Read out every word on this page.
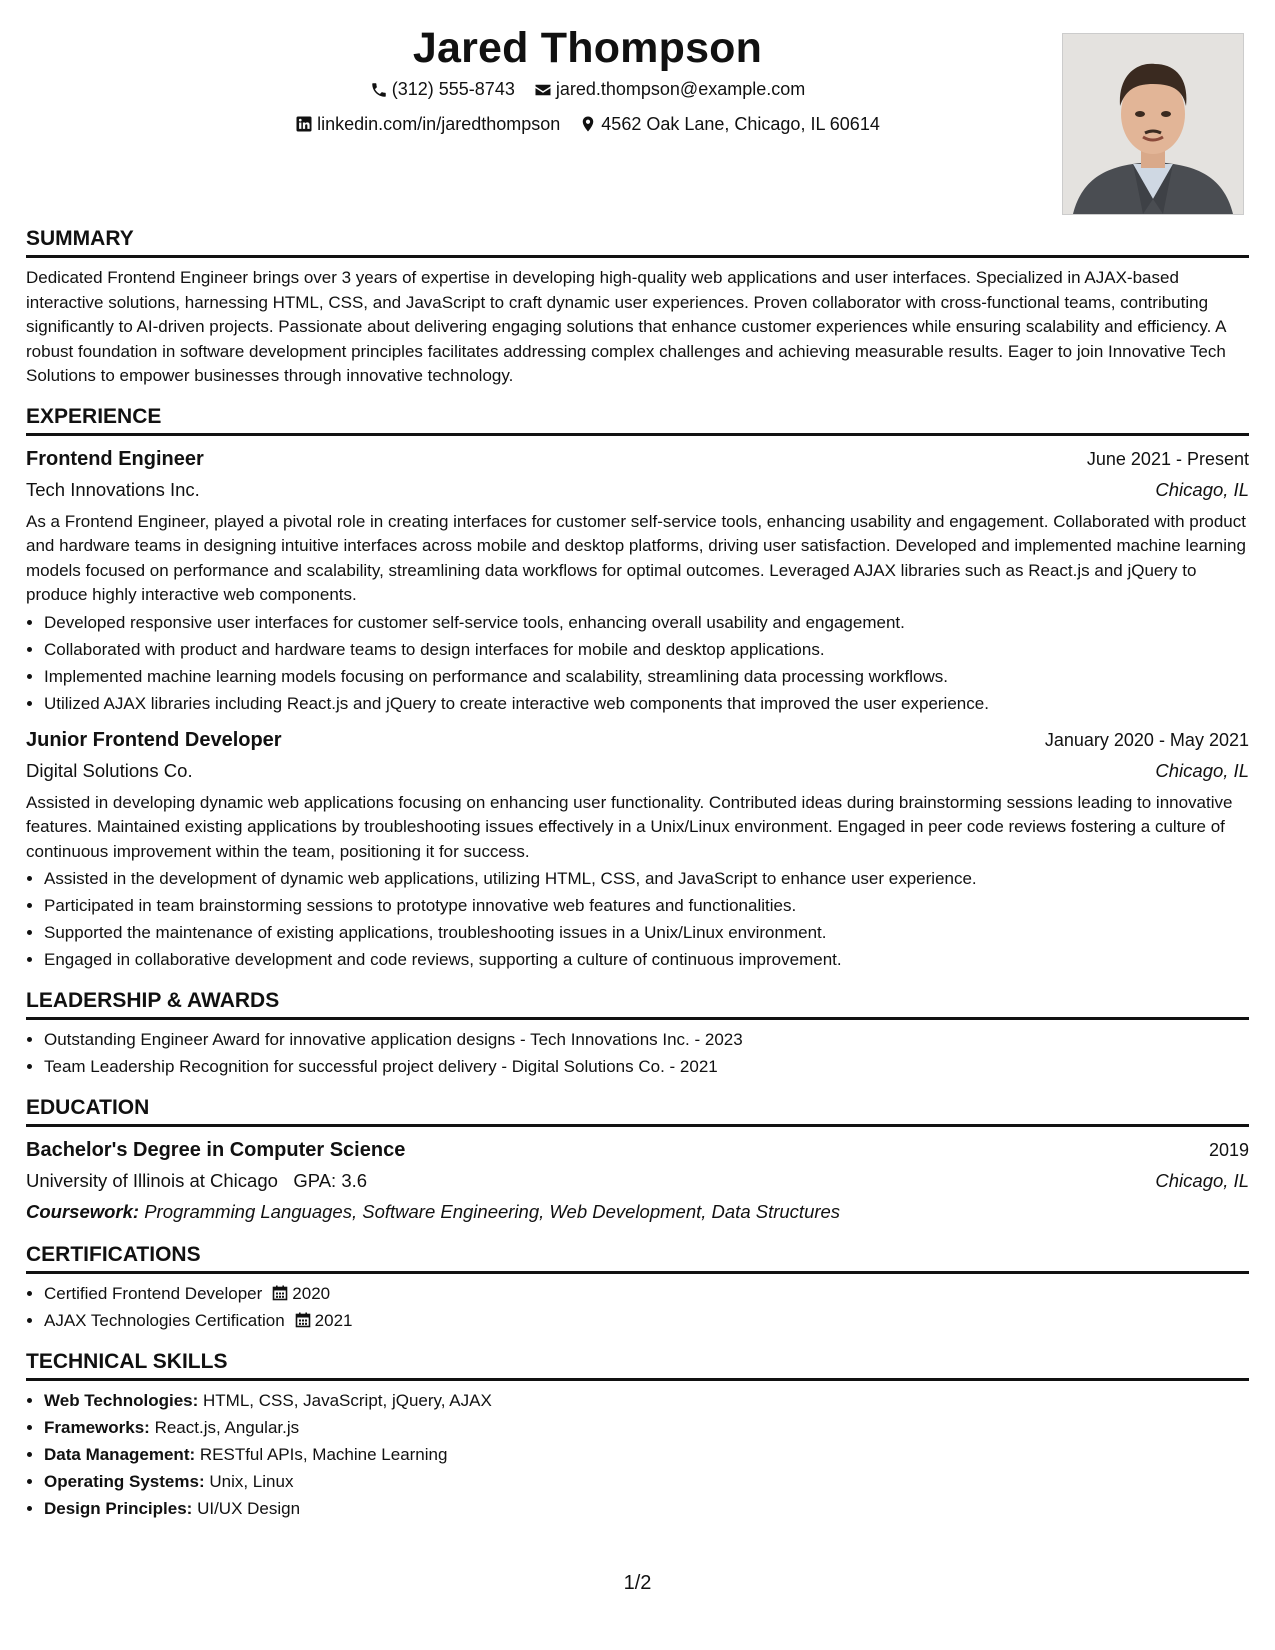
Jared Thompson
(312) 555-8743
jared.thompson@example.com
linkedin.com/in/jaredthompson
4562 Oak Lane, Chicago, IL 60614
SUMMARY

Dedicated Frontend Engineer brings over 3 years of expertise in developing high-quality web applications and user interfaces. Specialized in AJAX-based interactive solutions, harnessing HTML, CSS, and JavaScript to craft dynamic user experiences. Proven collaborator with cross-functional teams, contributing significantly to AI-driven projects. Passionate about delivering engaging solutions that enhance customer experiences while ensuring scalability and efficiency. A robust foundation in software development principles facilitates addressing complex challenges and achieving measurable results. Eager to join Innovative Tech Solutions to empower businesses through innovative technology.

EXPERIENCE
Frontend Engineer	June 2021 - Present
Tech Innovations Inc.	Chicago, IL

As a Frontend Engineer, played a pivotal role in creating interfaces for customer self-service tools, enhancing usability and engagement. Collaborated with product and hardware teams in designing intuitive interfaces across mobile and desktop platforms, driving user satisfaction. Developed and implemented machine learning models focused on performance and scalability, streamlining data workflows for optimal outcomes. Leveraged AJAX libraries such as React.js and jQuery to produce highly interactive web components.

• Developed responsive user interfaces for customer self-service tools, enhancing overall usability and engagement.
• Collaborated with product and hardware teams to design interfaces for mobile and desktop applications.
• Implemented machine learning models focusing on performance and scalability, streamlining data processing workflows.
• Utilized AJAX libraries including React.js and jQuery to create interactive web components that improved the user experience.
Junior Frontend Developer	January 2020 - May 2021
Digital Solutions Co.	Chicago, IL

Assisted in developing dynamic web applications focusing on enhancing user functionality. Contributed ideas during brainstorming sessions leading to innovative features. Maintained existing applications by troubleshooting issues effectively in a Unix/Linux environment. Engaged in peer code reviews fostering a culture of continuous improvement within the team, positioning it for success.

• Assisted in the development of dynamic web applications, utilizing HTML, CSS, and JavaScript to enhance user experience.
• Participated in team brainstorming sessions to prototype innovative web features and functionalities.
• Supported the maintenance of existing applications, troubleshooting issues in a Unix/Linux environment.
• Engaged in collaborative development and code reviews, supporting a culture of continuous improvement.
LEADERSHIP & AWARDS
• Outstanding Engineer Award for innovative application designs - Tech Innovations Inc. - 2023
• Team Leadership Recognition for successful project delivery - Digital Solutions Co. - 2021
EDUCATION
Bachelor's Degree in Computer Science	2019
University of Illinois at Chicago GPA: 3.6	Chicago, IL
Coursework: Programming Languages, Software Engineering, Web Development, Data Structures
CERTIFICATIONS
• Certified Frontend Developer 2020
• AJAX Technologies Certification 2021
TECHNICAL SKILLS
• Web Technologies: HTML, CSS, JavaScript, jQuery, AJAX
• Frameworks: React.js, Angular.js
• Data Management: RESTful APIs, Machine Learning
• Operating Systems: Unix, Linux
• Design Principles: UI/UX Design
1/2
